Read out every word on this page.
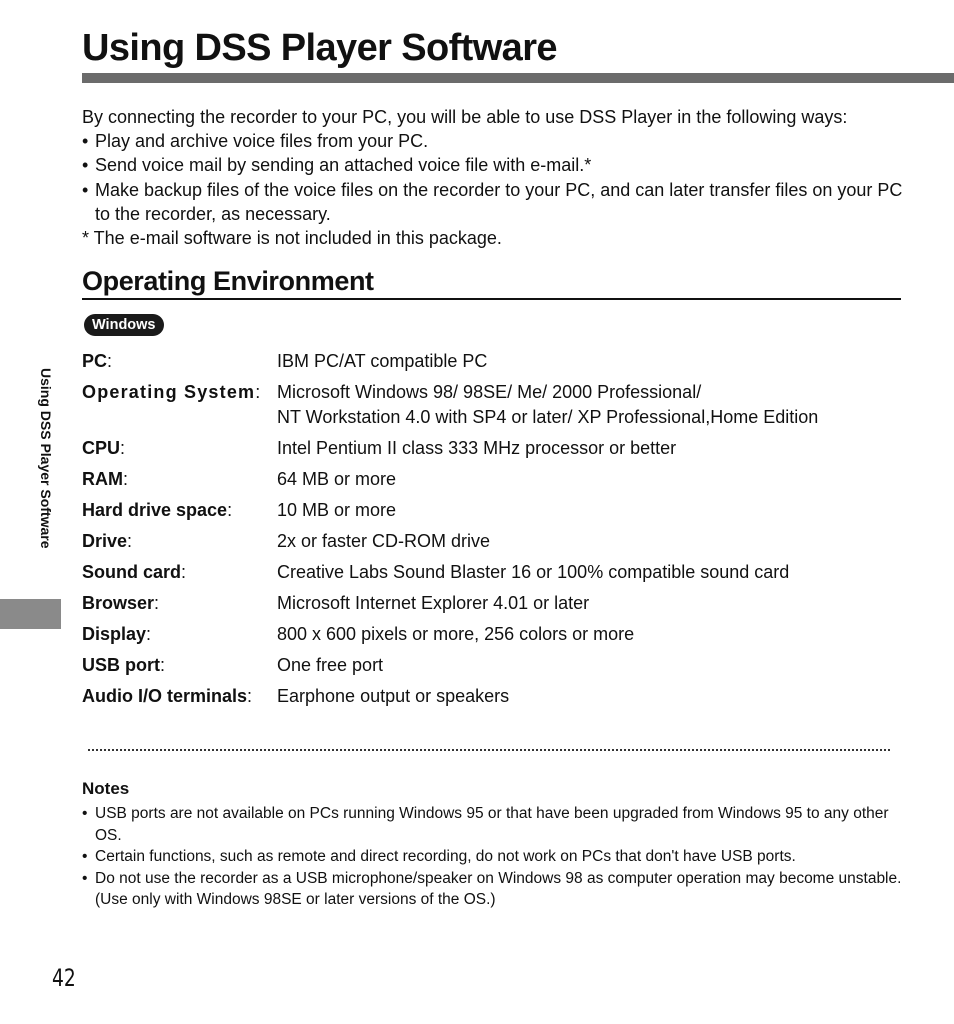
Using DSS Player Software

By connecting the recorder to your PC, you will be able to use DSS Player in the following ways:

• Play and archive voice files from your PC.

• Send voice mail by sending an attached voice file with e-mail.*

• Make backup files of the voice files on the recorder to your PC, and can later transfer files on your PC to the recorder, as necessary.

* The e-mail software is not included in this package.

Operating Environment
Windows
PC:	IBM PC/AT compatible PC
Operating System: Microsoft Windows 98/ 98SE/ Me/ 2000 Professional/
NT Workstation 4.0 with SP4 or later/ XP Professional,Home Edition
CPU:	Intel Pentium II class 333 MHz processor or better
RAM:	64 MB or more
Hard drive space:	10 MB or more
Drive:	2x or faster CD-ROM drive
Sound card:	Creative Labs Sound Blaster 16 or 100% compatible sound card
Browser:	Microsoft Internet Explorer 4.01 or later
Display:	800 x 600 pixels or more, 256 colors or more
USB port:	One free port
Audio I/O terminals:	Earphone output or speakers
Notes
• USB ports are not available on PCs running Windows 95 or that have been upgraded from Windows 95 to any other OS.
• Certain functions, such as remote and direct recording, do not work on PCs that don't have USB ports.
• Do not use the recorder as a USB microphone/speaker on Windows 98 as computer operation may become unstable. (Use only with Windows 98SE or later versions of the OS.)
Using DSS Player Software
42
